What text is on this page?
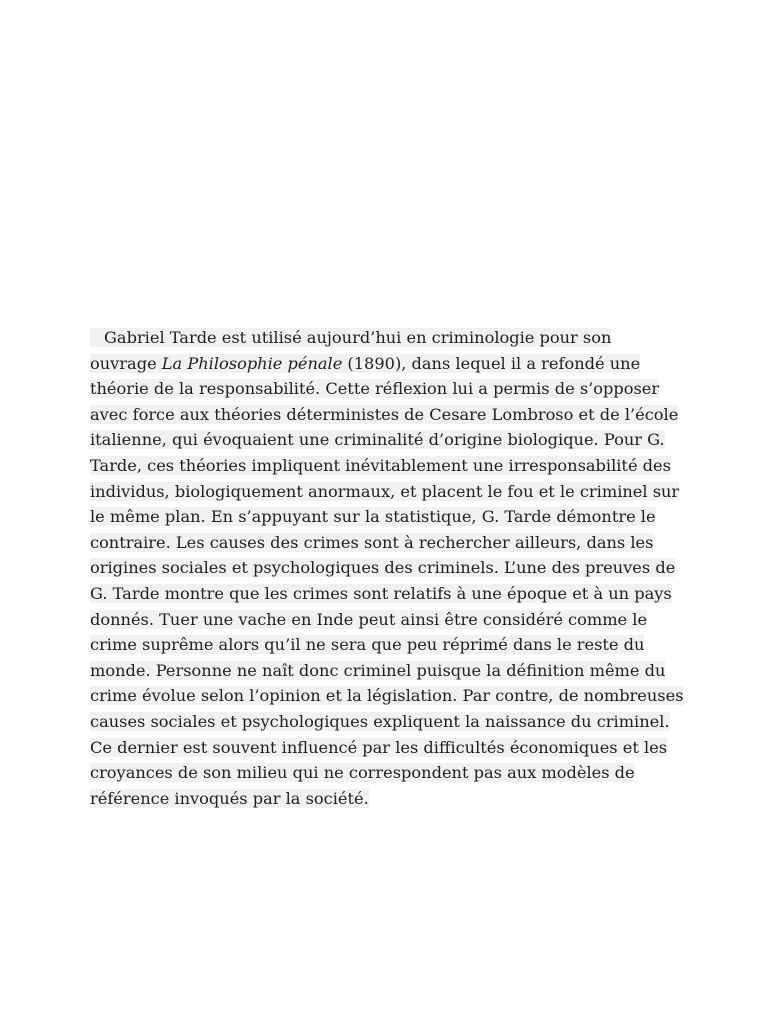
Gabriel Tarde est utilisé aujourd’hui en criminologie pour son
ouvrage La Philosophie pénale (1890), dans lequel il a refondé une
théorie de la responsabilité. Cette réflexion lui a permis de s’opposer
avec force aux théories déterministes de Cesare Lombroso et de l’école
italienne, qui évoquaient une criminalité d’origine biologique. Pour G.
Tarde, ces théories impliquent inévitablement une irresponsabilité des
individus, biologiquement anormaux, et placent le fou et le criminel sur
le même plan. En s’appuyant sur la statistique, G. Tarde démontre le
contraire. Les causes des crimes sont à rechercher ailleurs, dans les
origines sociales et psychologiques des criminels. L’une des preuves de
G. Tarde montre que les crimes sont relatifs à une époque et à un pays
donnés. Tuer une vache en Inde peut ainsi être considéré comme le
crime suprême alors qu’il ne sera que peu réprimé dans le reste du
monde. Personne ne naît donc criminel puisque la définition même du
crime évolue selon l’opinion et la législation. Par contre, de nombreuses
causes sociales et psychologiques expliquent la naissance du criminel.
Ce dernier est souvent influencé par les difficultés économiques et les
croyances de son milieu qui ne correspondent pas aux modèles de
référence invoqués par la société.
